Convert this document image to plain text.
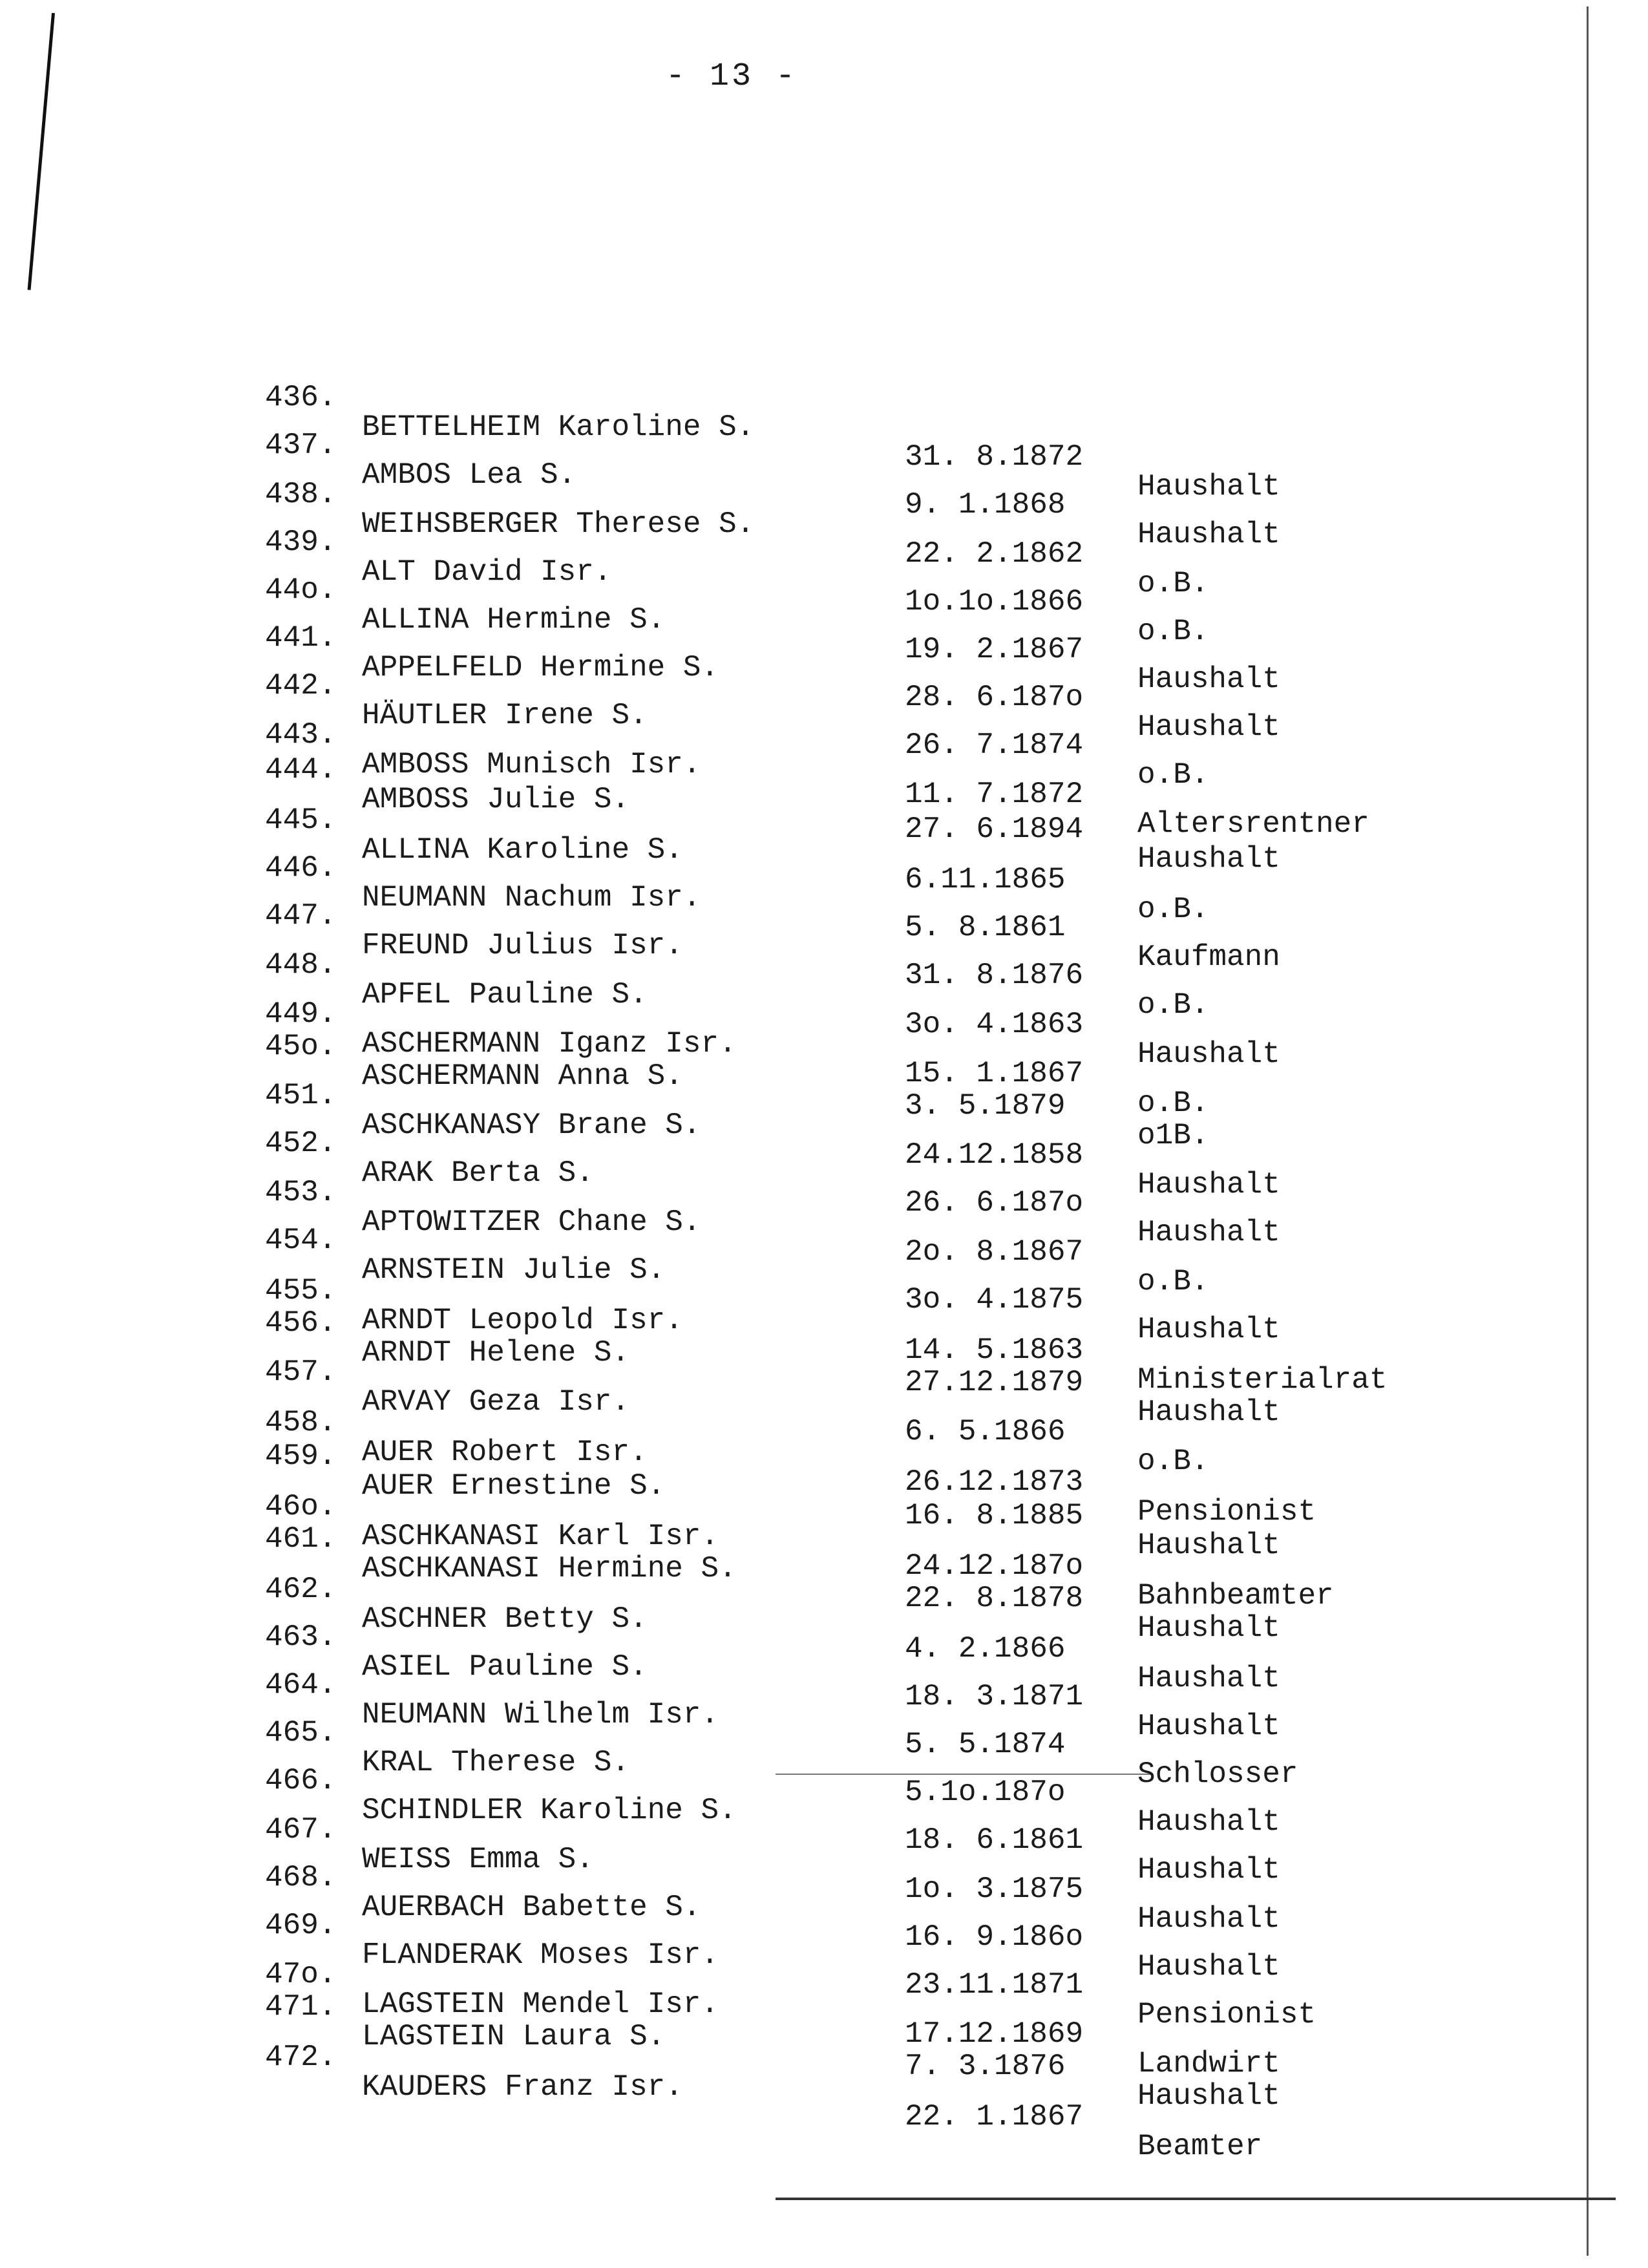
- 13 -

436.

BETTELHEIM Karoline S.

31. 8.1872

Haushalt

437.

AMBOS Lea S.

9. 1.1868

Haushalt

438.

WEIHSBERGER Therese S.

22. 2.1862

o.B.

439.

ALT David Isr.

1o.1o.1866

o.B.

44o.

ALLINA Hermine S.

19. 2.1867

Haushalt

441.

APPELFELD Hermine S.

28. 6.187o

Haushalt

442.

HÄUTLER Irene S.

26. 7.1874

o.B.

443.

AMBOSS Munisch Isr.

11. 7.1872

Altersrentner

444.

AMBOSS Julie S.

27. 6.1894

Haushalt

445.

ALLINA Karoline S.

6.11.1865

o.B.

446.

NEUMANN Nachum Isr.

5. 8.1861

Kaufmann

447.

FREUND Julius Isr.

31. 8.1876

o.B.

448.

APFEL Pauline S.

3o. 4.1863

Haushalt

449.

ASCHERMANN Iganz Isr.

15. 1.1867

o.B.

45o.

ASCHERMANN Anna S.

3. 5.1879

o1B.

451.

ASCHKANASY Brane S.

24.12.1858

Haushalt

452.

ARAK Berta S.

26. 6.187o

Haushalt

453.

APTOWITZER Chane S.

2o. 8.1867

o.B.

454.

ARNSTEIN Julie S.

3o. 4.1875

Haushalt

455.

ARNDT Leopold Isr.

14. 5.1863

Ministerialrat

456.

ARNDT Helene S.

27.12.1879

Haushalt

457.

ARVAY Geza Isr.

6. 5.1866

o.B.

458.

AUER Robert Isr.

26.12.1873

Pensionist

459.

AUER Ernestine S.

16. 8.1885

Haushalt

46o.

ASCHKANASI Karl Isr.

24.12.187o

Bahnbeamter

461.

ASCHKANASI Hermine S.

22. 8.1878

Haushalt

462.

ASCHNER Betty S.

4. 2.1866

Haushalt

463.

ASIEL Pauline S.

18. 3.1871

Haushalt

464.

NEUMANN Wilhelm Isr.

5. 5.1874

Schlosser

465.

KRAL Therese S.

5.1o.187o

Haushalt

466.

SCHINDLER Karoline S.

18. 6.1861

Haushalt

467.

WEISS Emma S.

1o. 3.1875

Haushalt

468.

AUERBACH Babette S.

16. 9.186o

Haushalt

469.

FLANDERAK Moses Isr.

23.11.1871

Pensionist

47o.

LAGSTEIN Mendel Isr.

17.12.1869

Landwirt

471.

LAGSTEIN Laura S.

7. 3.1876

Haushalt

472.

KAUDERS Franz Isr.

22. 1.1867

Beamter
